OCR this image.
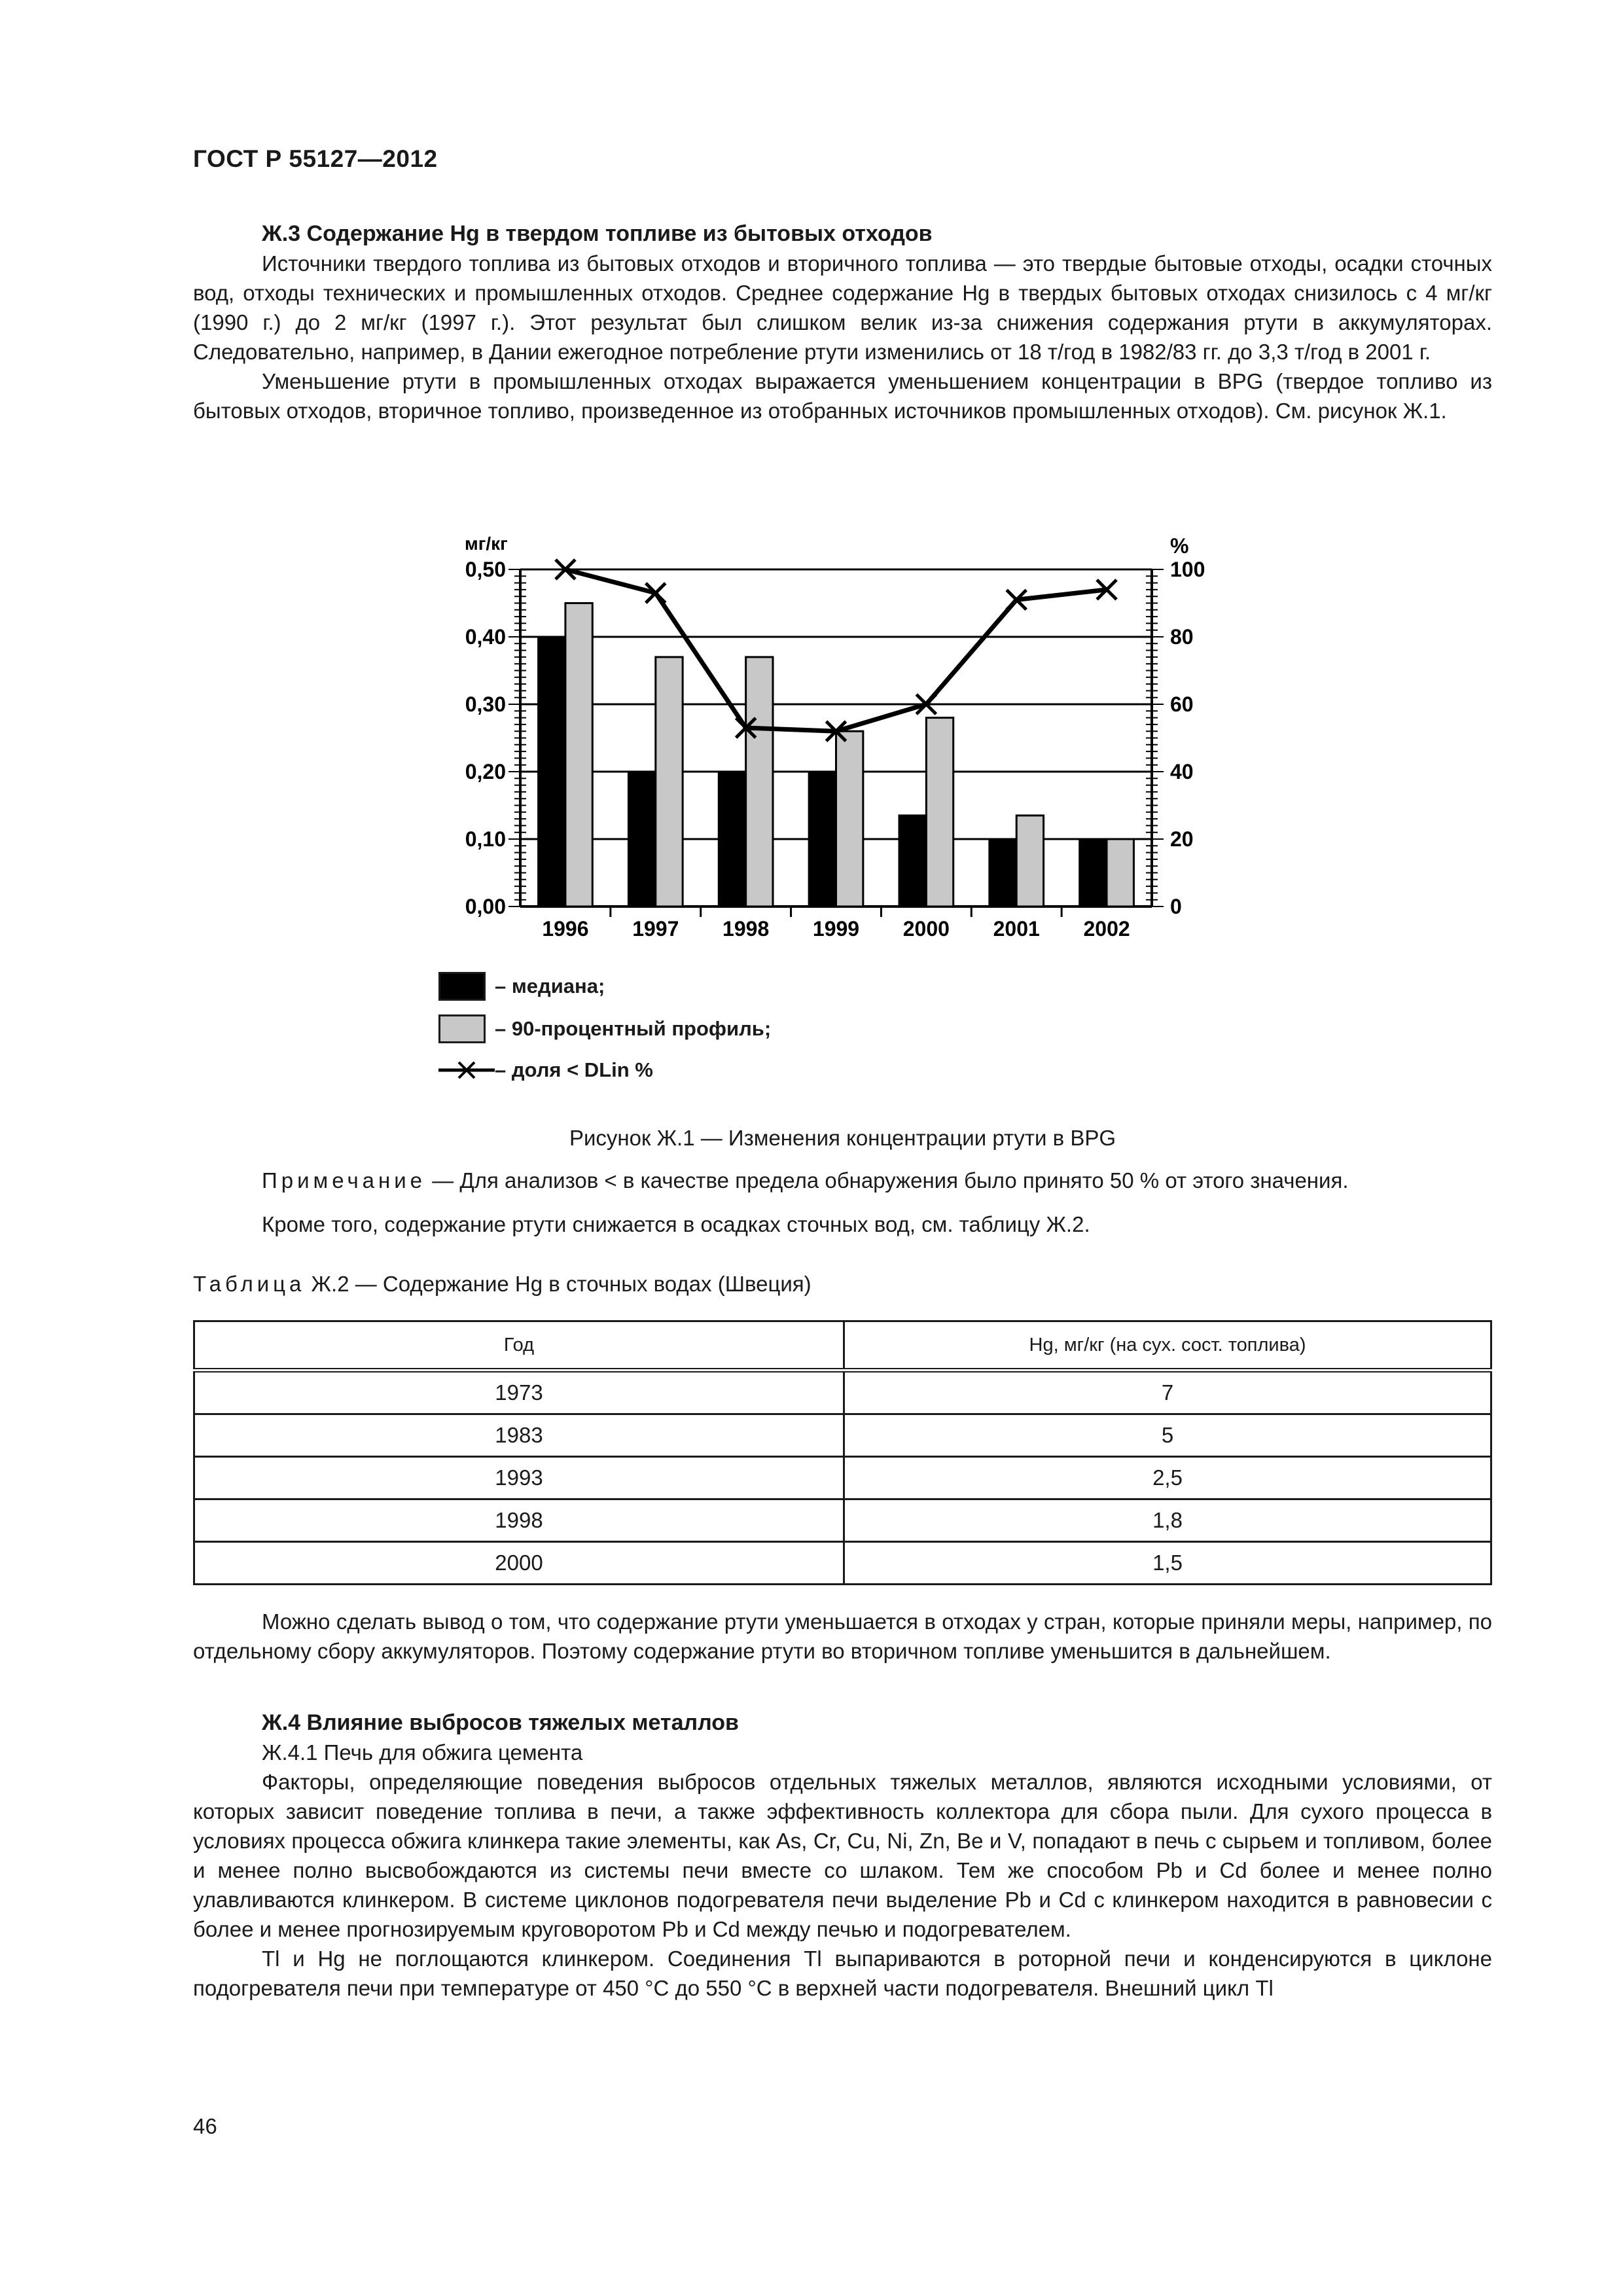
ГОСТ Р 55127—2012
Ж.3 Содержание Hg в твердом топливе из бытовых отходов

Источники твердого топлива из бытовых отходов и вторичного топлива — это твердые бытовые отходы, осадки сточных вод, отходы технических и промышленных отходов. Среднее содержание Hg в твердых бытовых отходах снизилось с 4 мг/кг (1990 г.) до 2 мг/кг (1997 г.). Этот результат был слишком велик из-за снижения содержания ртути в аккумуляторах. Следовательно, например, в Дании ежегодное потребление ртути изменились от 18 т/год в 1982/83 гг. до 3,3 т/год в 2001 г.

Уменьшение ртути в промышленных отходах выражается уменьшением концентрации в BPG (твердое топливо из бытовых отходов, вторичное топливо, произведенное из отобранных источников промышленных отходов). См. рисунок Ж.1.

0,00
0,10
0,20
0,30
0,40
0,50
0
20
40
60
80
100
мг/кг	%
1996 1997 1998 1999 2000 2001 2002
– медиана;
– 90-процентный профиль;
– доля < DLin %
Рисунок Ж.1 — Изменения концентрации ртути в BPG
Примечание — Для анализов < в качестве предела обнаружения было принято 50 % от этого значения.
Кроме того, содержание ртути снижается в осадках сточных вод, см. таблицу Ж.2.
Таблица Ж.2 — Содержание Hg в сточных водах (Швеция)
Год	Hg, мг/кг (на сух. сост. топлива)
1973	7
1983	5
1993	2,5
1998	1,8
2000	1,5

Можно сделать вывод о том, что содержание ртути уменьшается в отходах у стран, которые приняли меры, например, по отдельному сбору аккумуляторов. Поэтому содержание ртути во вторичном топливе уменьшится в дальнейшем.

Ж.4 Влияние выбросов тяжелых металлов
Ж.4.1 Печь для обжига цемента

Факторы, определяющие поведения выбросов отдельных тяжелых металлов, являются исходными условиями, от которых зависит поведение топлива в печи, а также эффективность коллектора для сбора пыли. Для сухого процесса в условиях процесса обжига клинкера такие элементы, как As, Cr, Cu, Ni, Zn, Be и V, попадают в печь с сырьем и топливом, более и менее полно высвобождаются из системы печи вместе со шлаком. Тем же способом Pb и Cd более и менее полно улавливаются клинкером. В системе циклонов подогревателя печи выделение Pb и Cd с клинкером находится в равновесии с более и менее прогнозируемым круговоротом Pb и Cd между печью и подогревателем.

Tl и Hg не поглощаются клинкером. Соединения Tl выпариваются в роторной печи и конденсируются в циклоне подогревателя печи при температуре от 450 °С до 550 °С в верхней части подогревателя. Внешний цикл Tl

46
